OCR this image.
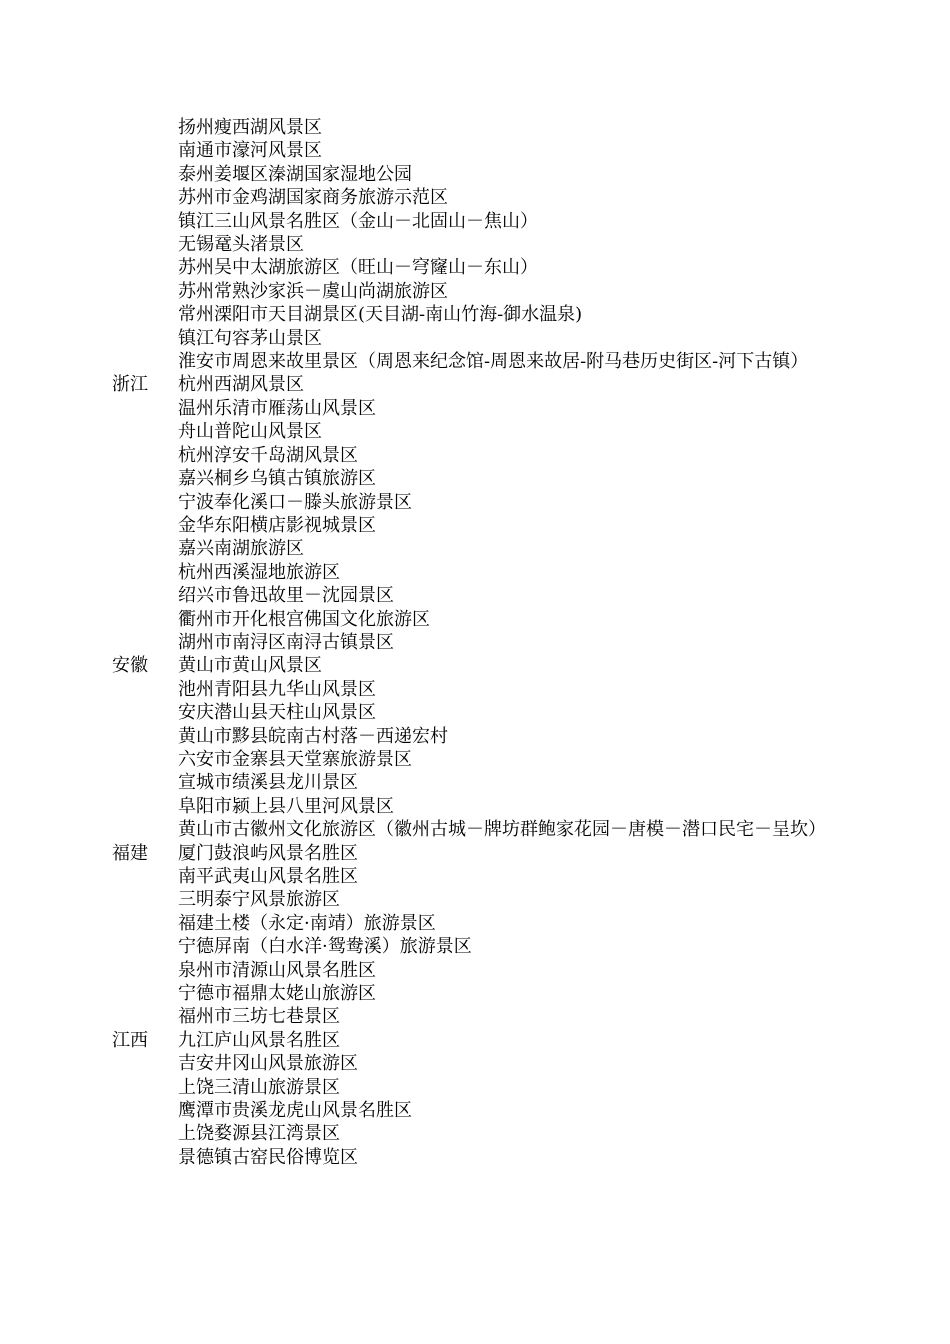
扬州瘦西湖风景区
南通市濠河风景区
泰州姜堰区溱湖国家湿地公园
苏州市金鸡湖国家商务旅游示范区
镇江三山风景名胜区（金山－北固山－焦山）
无锡鼋头渚景区
苏州吴中太湖旅游区（旺山－穹窿山－东山）
苏州常熟沙家浜－虞山尚湖旅游区
常州溧阳市天目湖景区(天目湖-南山竹海-御水温泉)
镇江句容茅山景区
淮安市周恩来故里景区（周恩来纪念馆-周恩来故居-附马巷历史街区-河下古镇）
浙江	杭州西湖风景区
温州乐清市雁荡山风景区
舟山普陀山风景区
杭州淳安千岛湖风景区
嘉兴桐乡乌镇古镇旅游区
宁波奉化溪口－滕头旅游景区
金华东阳横店影视城景区
嘉兴南湖旅游区
杭州西溪湿地旅游区
绍兴市鲁迅故里－沈园景区
衢州市开化根宫佛国文化旅游区
湖州市南浔区南浔古镇景区
安徽	黄山市黄山风景区
池州青阳县九华山风景区
安庆潜山县天柱山风景区
黄山市黟县皖南古村落－西递宏村
六安市金寨县天堂寨旅游景区
宣城市绩溪县龙川景区
阜阳市颍上县八里河风景区
黄山市古徽州文化旅游区（徽州古城－牌坊群鲍家花园－唐模－潜口民宅－呈坎）
福建	厦门鼓浪屿风景名胜区
南平武夷山风景名胜区
三明泰宁风景旅游区
福建土楼（永定·南靖）旅游景区
宁德屏南（白水洋·鸳鸯溪）旅游景区
泉州市清源山风景名胜区
宁德市福鼎太姥山旅游区
福州市三坊七巷景区
江西	九江庐山风景名胜区
吉安井冈山风景旅游区
上饶三清山旅游景区
鹰潭市贵溪龙虎山风景名胜区
上饶婺源县江湾景区
景德镇古窑民俗博览区
